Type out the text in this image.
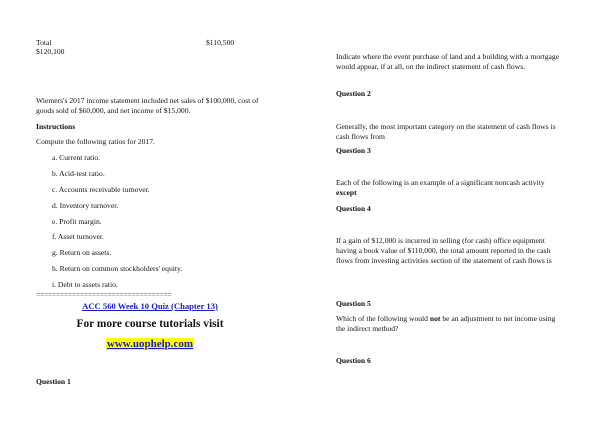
Total	$110,500
$120,100
Wiemers's 2017 income statement included net sales of $100,000, cost of goods sold of $60,000, and net income of $15,000.
Instructions
Compute the following ratios for 2017.
a. Current ratio.
b. Acid-test ratio.
c. Accounts receivable turnover.
d. Inventory turnover.
e. Profit margin.
f. Asset turnover.
g. Return on assets.
h. Return on common stockholders' equity.
i. Debt to assets ratio.
==================================
ACC 560 Week 10 Quiz (Chapter 13)
For more course tutorials visit
www.uophelp.com
Question 1
Indicate where the event purchase of land and a building with a mortgage would appear, if at all, on the indirect statement of cash flows.
Question 2
Generally, the most important category on the statement of cash flows is cash flows from
Question 3
Each of the following is an example of a significant noncash activity
except
Question 4
If a gain of $12,000 is incurred in selling (for cash) office equipment having a book value of $110,000, the total amount reported in the cash flows from investing activities section of the statement of cash flows is
Question 5
Which of the following would not be an adjustment to net income using the indirect method?
Question 6
